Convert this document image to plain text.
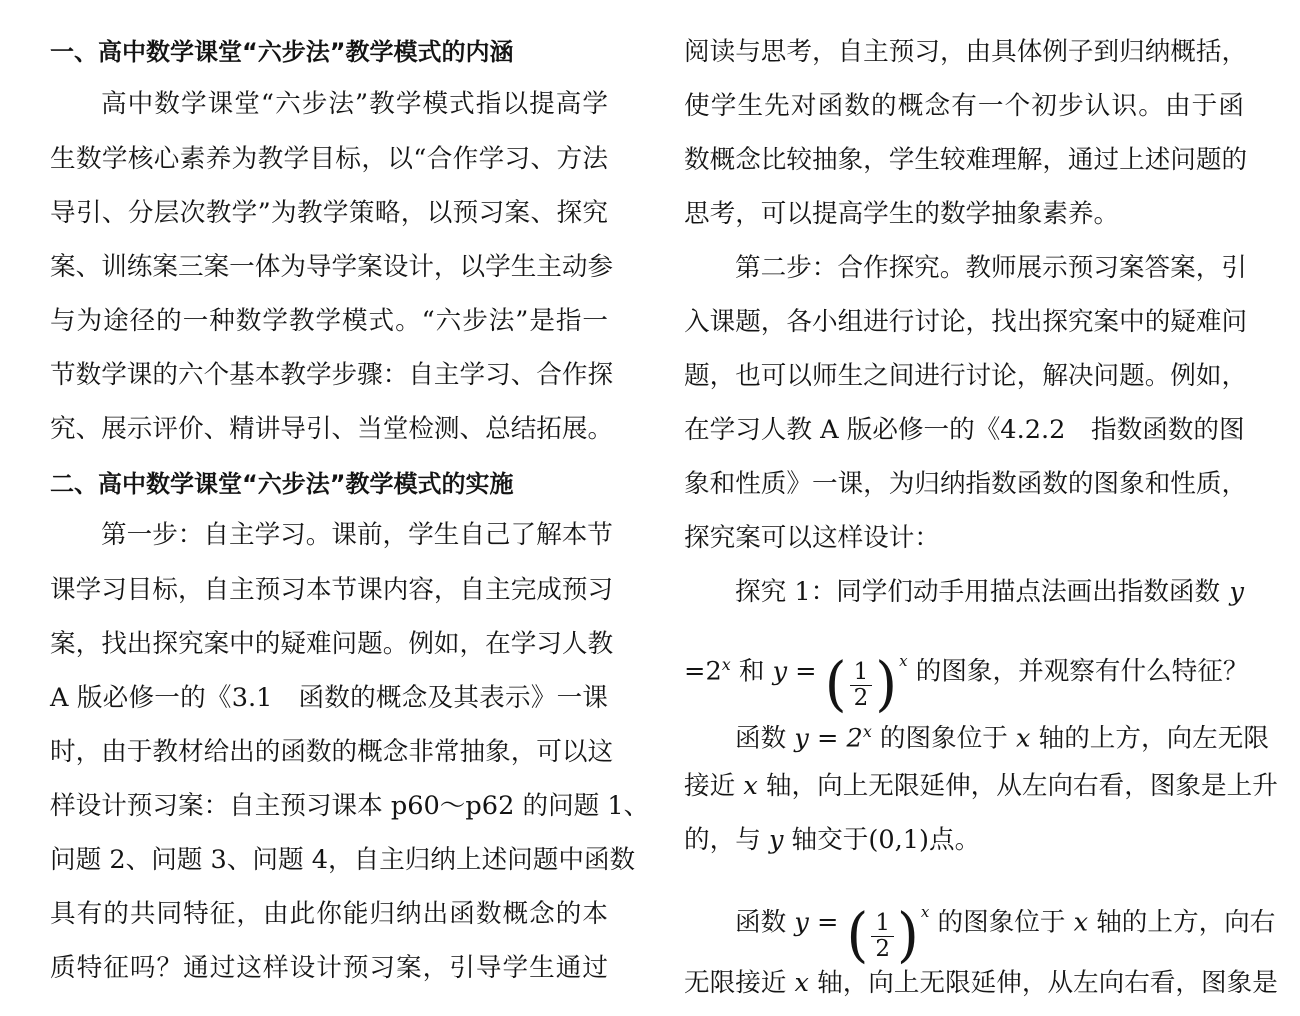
一、高中数学课堂“六步法”教学模式的内涵
高中数学课堂“六步法”教学模式指以提高学
生数学核心素养为教学目标，以“合作学习、方法
导引、分层次教学”为教学策略，以预习案、探究
案、训练案三案一体为导学案设计，以学生主动参
与为途径的一种数学教学模式。“六步法”是指一
节数学课的六个基本教学步骤：自主学习、合作探
究、展示评价、精讲导引、当堂检测、总结拓展。
二、高中数学课堂“六步法”教学模式的实施
第一步：自主学习。课前，学生自己了解本节
课学习目标，自主预习本节课内容，自主完成预习
案，找出探究案中的疑难问题。例如，在学习人教
A 版必修一的《3.1　函数的概念及其表示》一课
时，由于教材给出的函数的概念非常抽象，可以这
样设计预习案：自主预习课本 p60～p62 的问题 1、
问题 2、问题 3、问题 4，自主归纳上述问题中函数
具有的共同特征，由此你能归纳出函数概念的本
质特征吗？通过这样设计预习案，引导学生通过
阅读与思考，自主预习，由具体例子到归纳概括，
使学生先对函数的概念有一个初步认识。由于函
数概念比较抽象，学生较难理解，通过上述问题的
思考，可以提高学生的数学抽象素养。
第二步：合作探究。教师展示预习案答案，引
入课题，各小组进行讨论，找出探究案中的疑难问
题，也可以师生之间进行讨论，解决问题。例如，
在学习人教 A 版必修一的《4.2.2　指数函数的图
象和性质》一课，为归纳指数函数的图象和性质，
探究案可以这样设计：
探究 1：同学们动手用描点法画出指数函数 y
$=2^x$ 和 y = ( $\frac{1}{2}$ ) $^x$ 的图象，并观察有什么特征？
函数 $y = 2^x$ 的图象位于 x 轴的上方，向左无限
接近 x 轴，向上无限延伸，从左向右看，图象是上升
的，与 y 轴交于(0,1)点。
函数 y = ( $\frac{1}{2}$ ) $^x$ 的图象位于 x 轴的上方，向右
无限接近 x 轴，向上无限延伸，从左向右看，图象是
